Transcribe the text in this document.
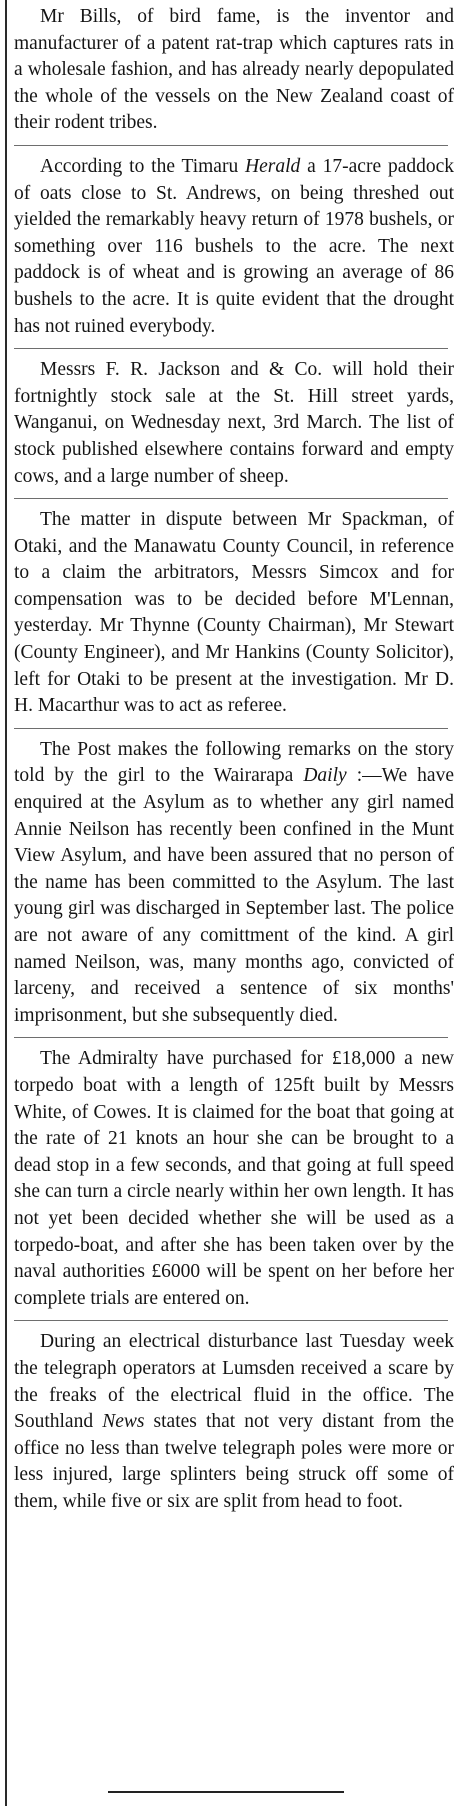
Mr Bills, of bird fame, is the inventor and manufacturer of a patent rat-trap which captures rats in a wholesale fashion, and has already nearly depopulated the whole of the vessels on the New Zealand coast of their rodent tribes.

According to the Timaru Herald a 17-acre paddock of oats close to St. Andrews, on being threshed out yielded the remarkably heavy return of 1978 bushels, or something over 116 bushels to the acre. The next paddock is of wheat and is growing an average of 86 bushels to the acre. It is quite evident that the drought has not ruined everybody.

Messrs F. R. Jackson and & Co. will hold their fortnightly stock sale at the St. Hill street yards, Wanganui, on Wednesday next, 3rd March. The list of stock published elsewhere contains forward and empty cows, and a large number of sheep.

The matter in dispute between Mr Spackman, of Otaki, and the Manawatu County Council, in reference to a claim the arbitrators, Messrs Simcox and for compensation was to be decided before M'Lennan, yesterday. Mr Thynne (County Chairman), Mr Stewart (County Engineer), and Mr Hankins (County Solicitor), left for Otaki to be present at the investigation. Mr D. H. Macarthur was to act as referee.

The Post makes the following remarks on the story told by the girl to the Wairarapa Daily :—We have enquired at the Asylum as to whether any girl named Annie Neilson has recently been confined in the Munt View Asylum, and have been assured that no person of the name has been committed to the Asylum. The last young girl was discharged in September last. The police are not aware of any comittment of the kind. A girl named Neilson, was, many months ago, convicted of larceny, and received a sentence of six months' imprisonment, but she subsequently died.

The Admiralty have purchased for £18,000 a new torpedo boat with a length of 125ft built by Messrs White, of Cowes. It is claimed for the boat that going at the rate of 21 knots an hour she can be brought to a dead stop in a few seconds, and that going at full speed she can turn a circle nearly within her own length. It has not yet been decided whether she will be used as a torpedo-boat, and after she has been taken over by the naval authorities £6000 will be spent on her before her complete trials are entered on.

During an electrical disturbance last Tuesday week the telegraph operators at Lumsden received a scare by the freaks of the electrical fluid in the office. The Southland News states that not very distant from the office no less than twelve telegraph poles were more or less injured, large splinters being struck off some of them, while five or six are split from head to foot.
